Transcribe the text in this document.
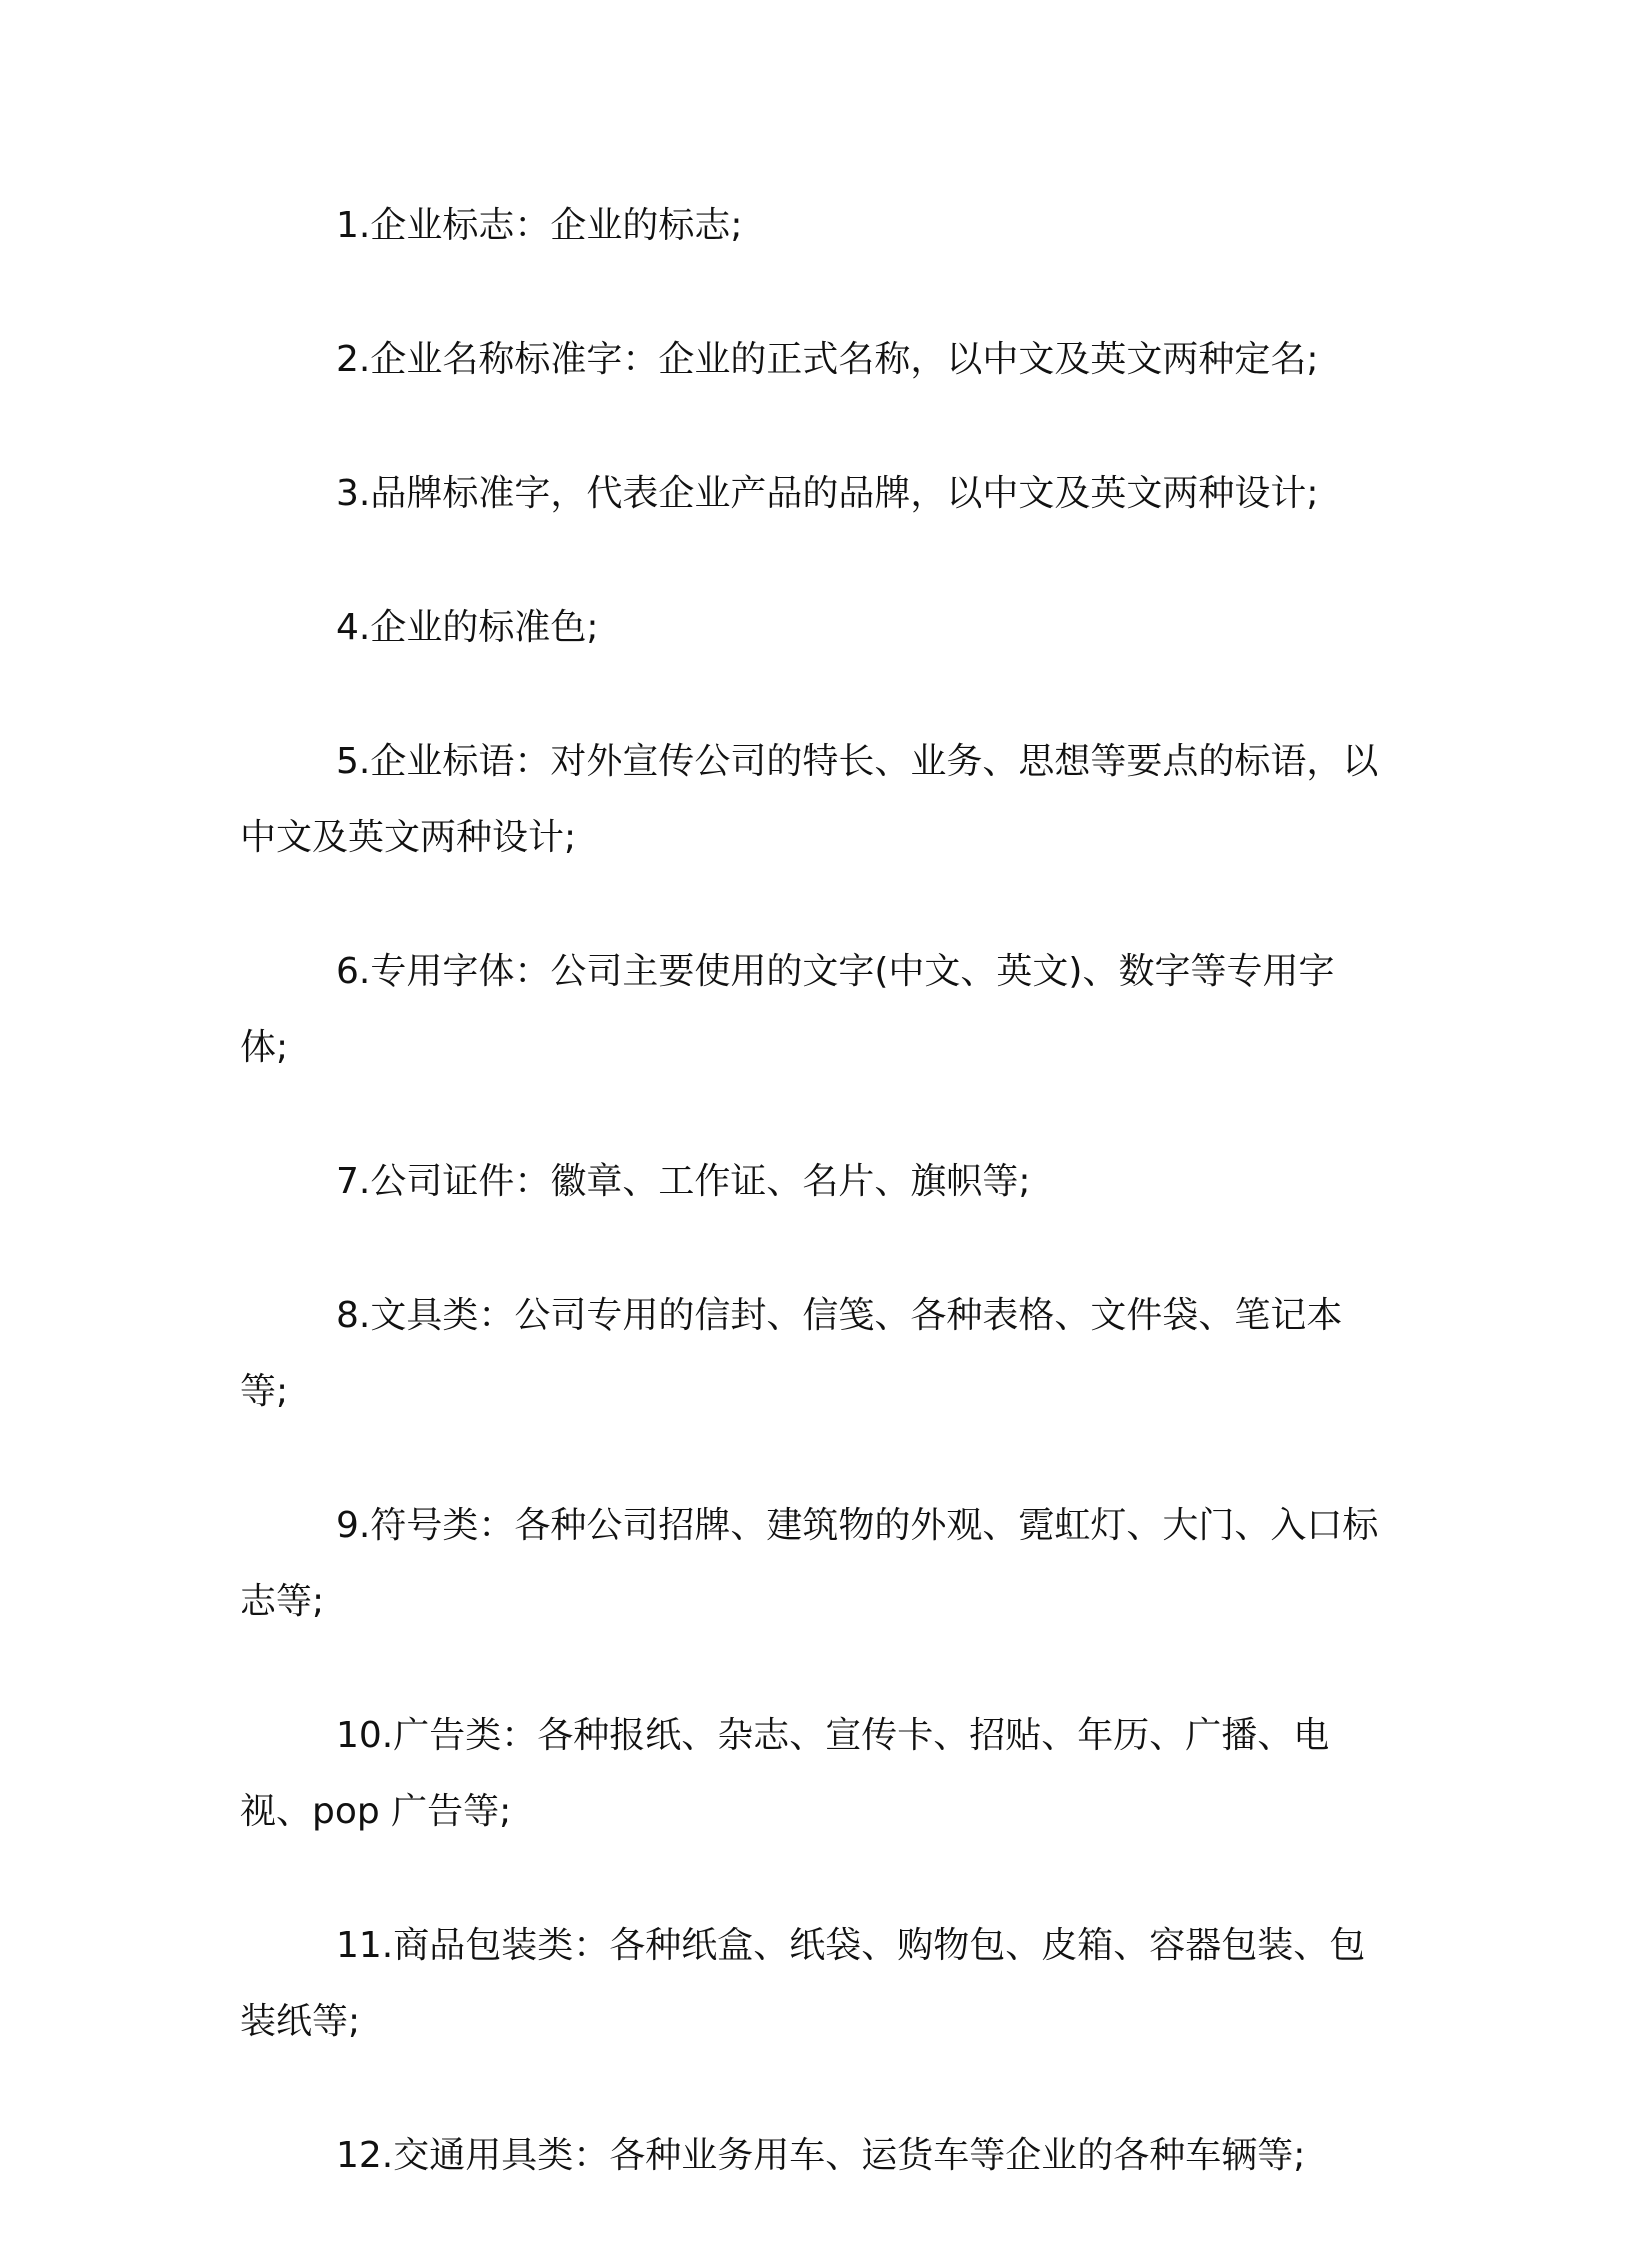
1.企业标志：企业的标志;

2.企业名称标准字：企业的正式名称，以中文及英文两种定名;

3.品牌标准字，代表企业产品的品牌，以中文及英文两种设计;

4.企业的标准色;

5.企业标语：对外宣传公司的特长、业务、思想等要点的标语，以中文及英文两种设计;

6.专用字体：公司主要使用的文字(中文、英文)、数字等专用字体;

7.公司证件：徽章、工作证、名片、旗帜等;

8.文具类：公司专用的信封、信笺、各种表格、文件袋、笔记本等;

9.符号类：各种公司招牌、建筑物的外观、霓虹灯、大门、入口标志等;

10.广告类：各种报纸、杂志、宣传卡、招贴、年历、广播、电视、pop 广告等;

11.商品包装类：各种纸盒、纸袋、购物包、皮箱、容器包装、包装纸等;

12.交通用具类：各种业务用车、运货车等企业的各种车辆等;
